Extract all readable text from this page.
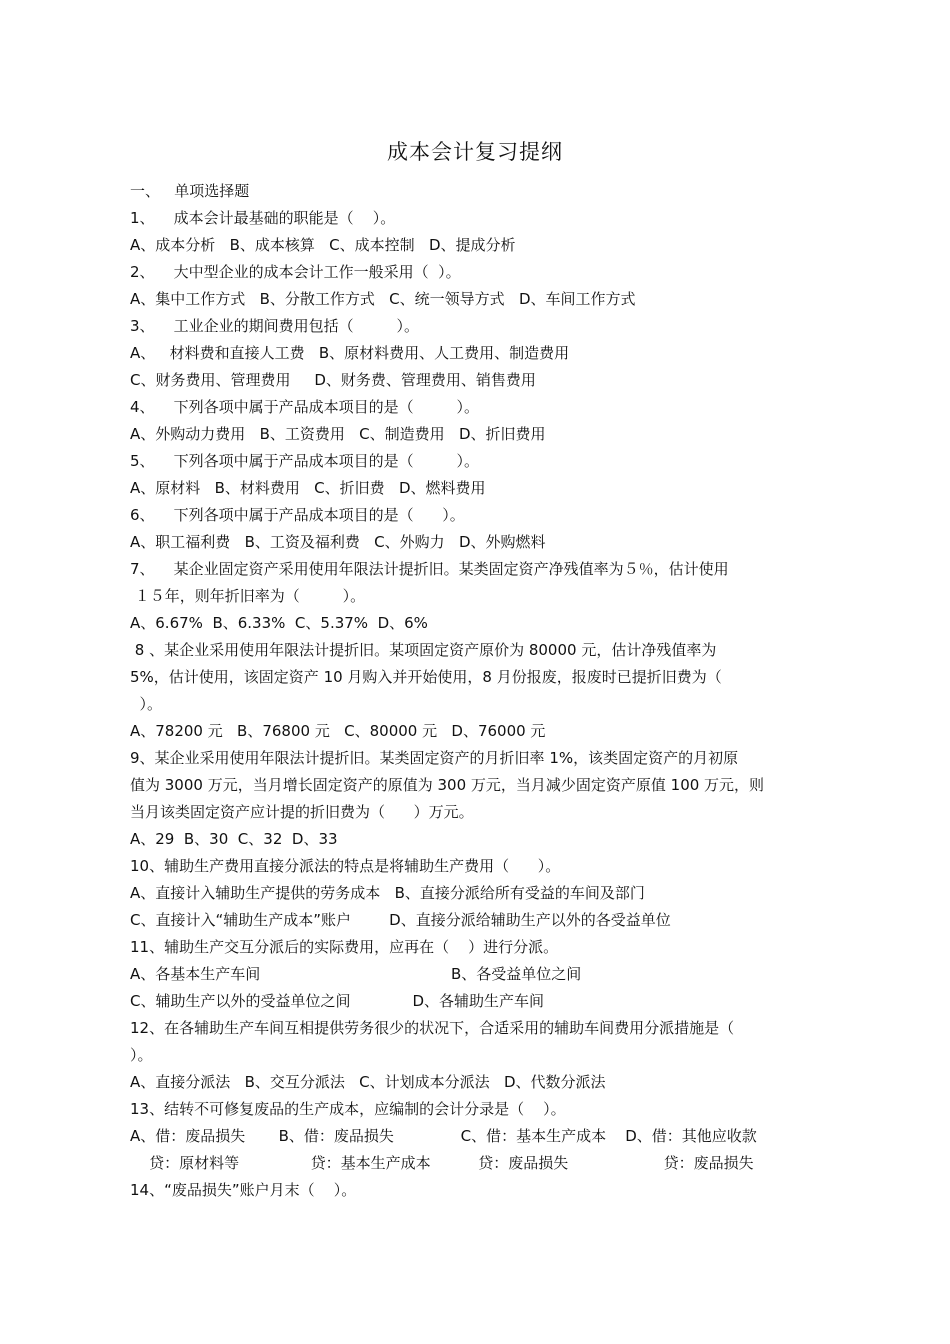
成本会计复习提纲
一、   单项选择题
1、    成本会计最基础的职能是（    ）。
A、成本分析   B、成本核算   C、成本控制   D、提成分析
2、    大中型企业的成本会计工作一般采用（  ）。
A、集中工作方式   B、分散工作方式   C、统一领导方式   D、车间工作方式
3、    工业企业的期间费用包括（         ）。
A、   材料费和直接人工费   B、原材料费用、人工费用、制造费用
C、财务费用、管理费用     D、财务费、管理费用、销售费用
4、    下列各项中属于产品成本项目的是（         ）。
A、外购动力费用   B、工资费用   C、制造费用   D、折旧费用
5、    下列各项中属于产品成本项目的是（         ）。
A、原材料   B、材料费用   C、折旧费   D、燃料费用
6、    下列各项中属于产品成本项目的是（      ）。
A、职工福利费   B、工资及福利费   C、外购力   D、外购燃料
7、    某企业固定资产采用使用年限法计提折旧。某类固定资产净残值率为５％，估计使用
１５年，则年折旧率为（         ）。
A、6.67%  B、6.33%  C、5.37%  D、6%
8 、某企业采用使用年限法计提折旧。某项固定资产原价为 80000 元，估计净残值率为
5%，估计使用，该固定资产 10 月购入并开始使用，8 月份报废，报废时已提折旧费为（
）。
A、78200 元   B、76800 元   C、80000 元   D、76000 元
9、某企业采用使用年限法计提折旧。某类固定资产的月折旧率 1%，该类固定资产的月初原
值为 3000 万元，当月增长固定资产的原值为 300 万元，当月减少固定资产原值 100 万元，则
当月该类固定资产应计提的折旧费为（      ）万元。
A、29  B、30  C、32  D、33
10、辅助生产费用直接分派法的特点是将辅助生产费用（      ）。
A、直接计入辅助生产提供的劳务成本   B、直接分派给所有受益的车间及部门
C、直接计入“辅助生产成本”账户        D、直接分派给辅助生产以外的各受益单位
11、辅助生产交互分派后的实际费用，应再在（    ）进行分派。
A、各基本生产车间                                        B、各受益单位之间
C、辅助生产以外的受益单位之间             D、各辅助生产车间
12、在各辅助生产车间互相提供劳务很少的状况下，合适采用的辅助车间费用分派措施是（
）。
A、直接分派法   B、交互分派法   C、计划成本分派法   D、代数分派法
13、结转不可修复废品的生产成本，应编制的会计分录是（    ）。
A、借：废品损失       B、借：废品损失              C、借：基本生产成本    D、借：其他应收款
贷：原材料等               贷：基本生产成本          贷：废品损失                    贷：废品损失
14、“废品损失”账户月末（    ）。
